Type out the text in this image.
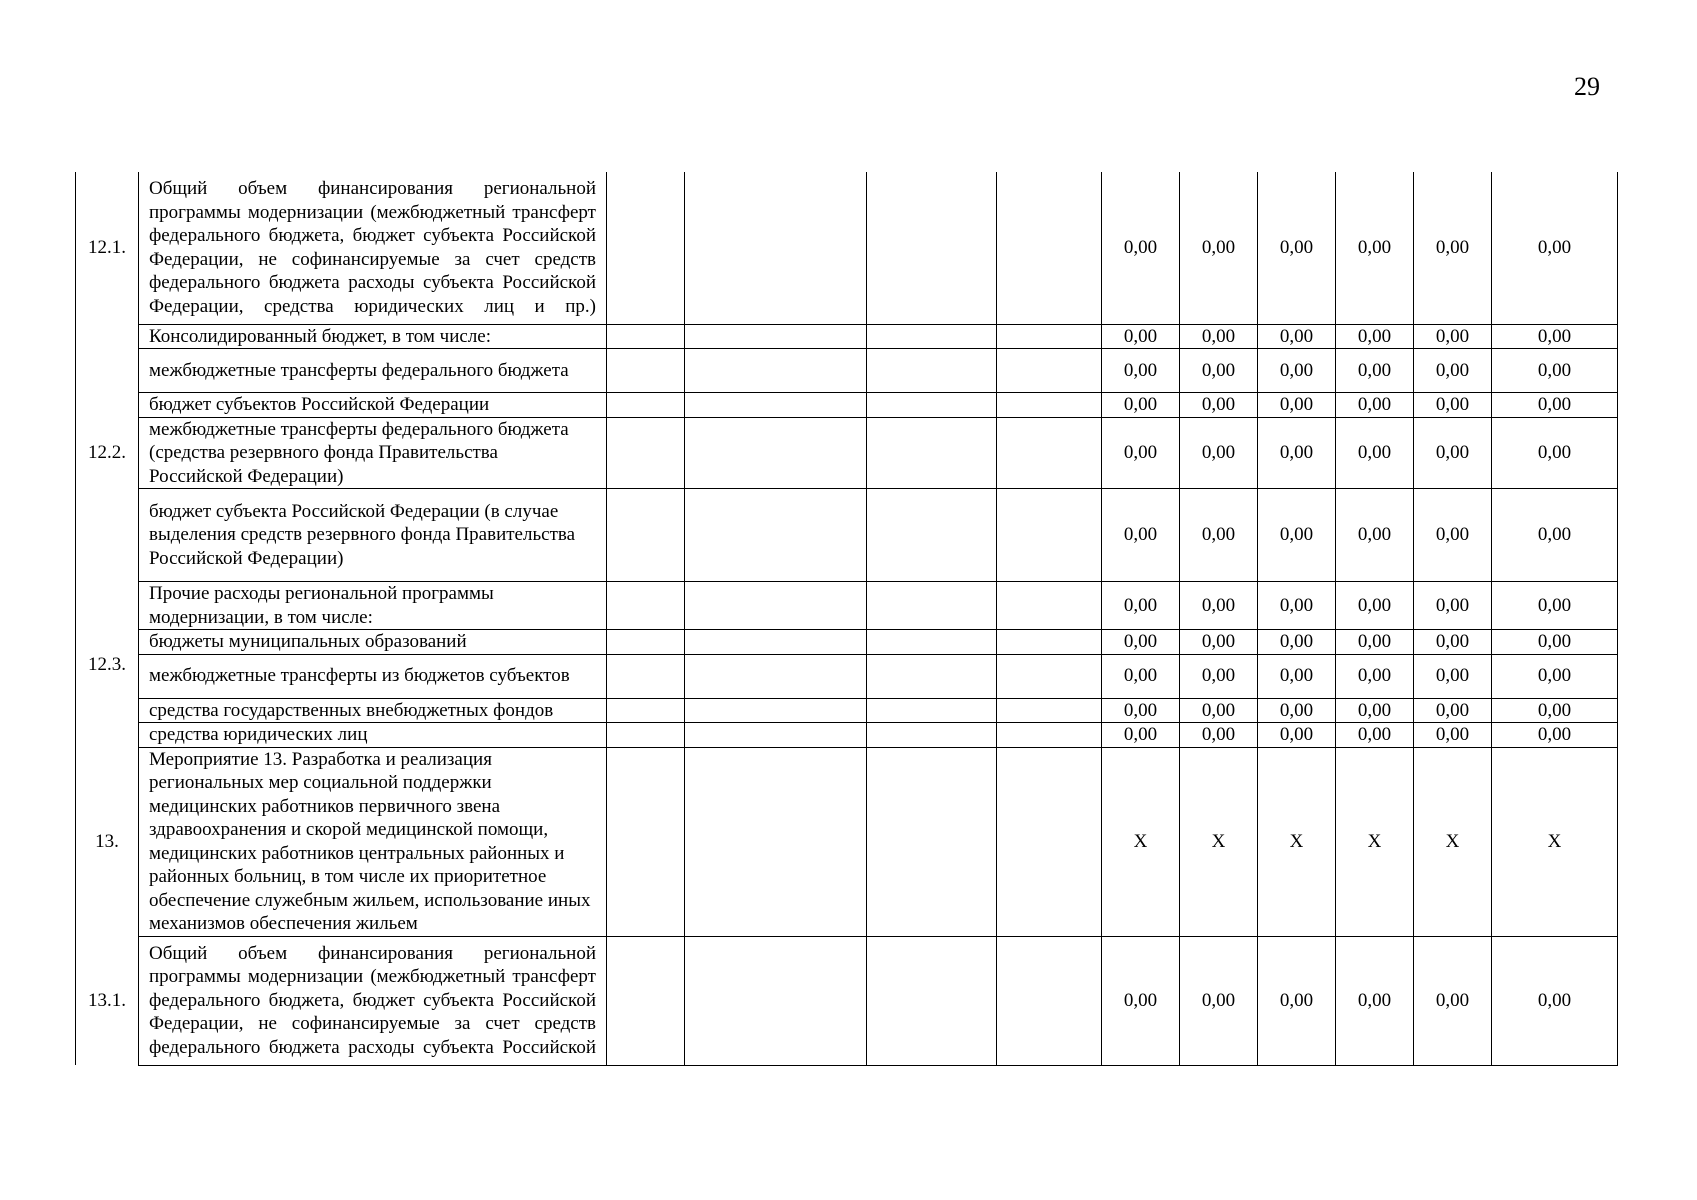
29
12.1.	Общий объем финансирования региональной программы модернизации (межбюджетный трансферт федерального бюджета, бюджет субъекта Российской Федерации, не софинансируемые за счет средств федерального бюджета расходы субъекта Российской Федерации, средства юридических лиц и пр.)					0,00	0,00	0,00	0,00	0,00	0,00
12.2.	Консолидированный бюджет, в том числе:					0,00	0,00	0,00	0,00	0,00	0,00
	межбюджетные трансферты федерального бюджета					0,00	0,00	0,00	0,00	0,00	0,00
	бюджет субъектов Российской Федерации					0,00	0,00	0,00	0,00	0,00	0,00
	межбюджетные трансферты федерального бюджета (средства резервного фонда Правительства Российской Федерации)					0,00	0,00	0,00	0,00	0,00	0,00
	бюджет субъекта Российской Федерации (в случае выделения средств резервного фонда Правительства Российской Федерации)					0,00	0,00	0,00	0,00	0,00	0,00
12.3.	Прочие расходы региональной программы модернизации, в том числе:					0,00	0,00	0,00	0,00	0,00	0,00
	бюджеты муниципальных образований					0,00	0,00	0,00	0,00	0,00	0,00
	межбюджетные трансферты из бюджетов субъектов					0,00	0,00	0,00	0,00	0,00	0,00
	средства государственных внебюджетных фондов					0,00	0,00	0,00	0,00	0,00	0,00
	средства юридических лиц					0,00	0,00	0,00	0,00	0,00	0,00
13.	Мероприятие 13. Разработка и реализация региональных мер социальной поддержки медицинских работников первичного звена здравоохранения и скорой медицинской помощи, медицинских работников центральных районных и районных больниц, в том числе их приоритетное обеспечение служебным жильем, использование иных механизмов обеспечения жильем					X	X	X	X	X	X
13.1.	Общий объем финансирования региональной программы модернизации (межбюджетный трансферт федерального бюджета, бюджет субъекта Российской Федерации, не софинансируемые за счет средств федерального бюджета расходы субъекта Российской					0,00	0,00	0,00	0,00	0,00	0,00
